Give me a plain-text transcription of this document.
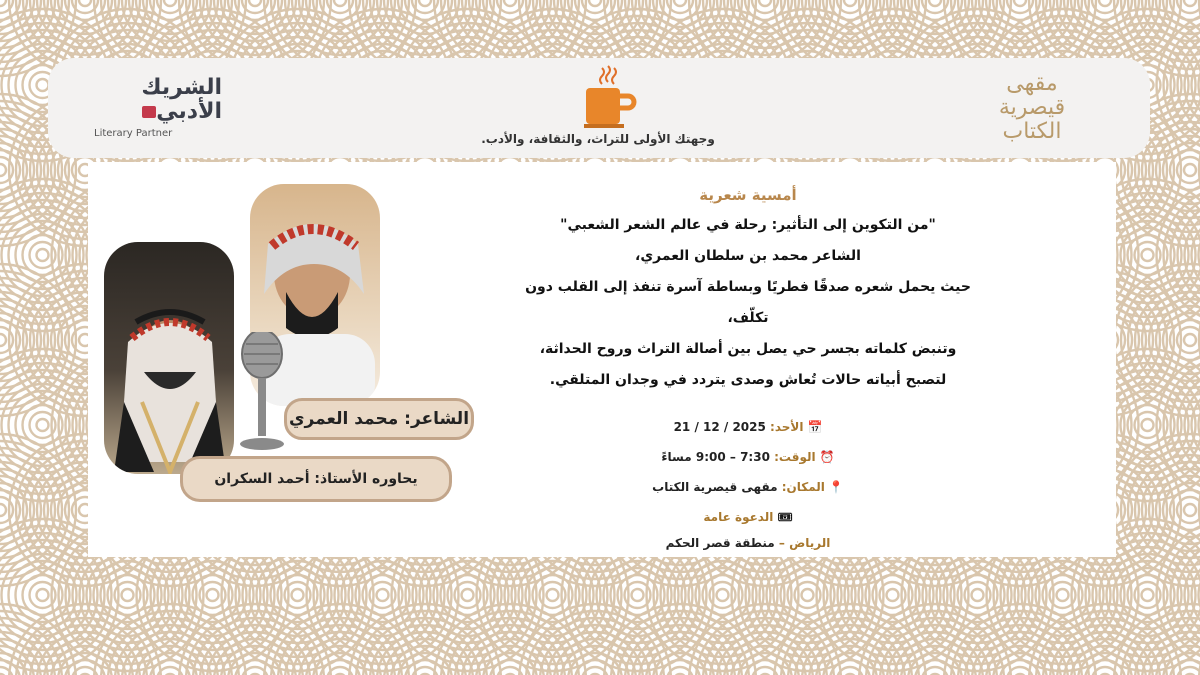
الشريك
الأدبي
Literary Partner	وجهتك الأولى للتراث، والثقافة، والأدب.
مقهى
قيصرية
الكتاب
الشاعر: محمد العمري
يحاوره الأستاذ: أحمد السكران
أمسية شعرية
"من التكوين إلى التأثير: رحلة في عالم الشعر الشعبي"
الشاعر محمد بن سلطان العمري،
حيث يحمل شعره صدقًا فطريًا وبساطة آسرة تنفذ إلى القلب دون تكلّف،
وتنبض كلماته بجسر حي يصل بين أصالة التراث وروح الحداثة،
لتصبح أبياته حالات تُعاش وصدى يتردد في وجدان المتلقي.
📅الأحد: 21 / 12 / 2025
⏰الوقت: 7:30 – 9:00 مساءً
📍المكان: مقهى قيصرية الكتاب
🎟الدعوة عامة
الرياض – منطقة قصر الحكم
